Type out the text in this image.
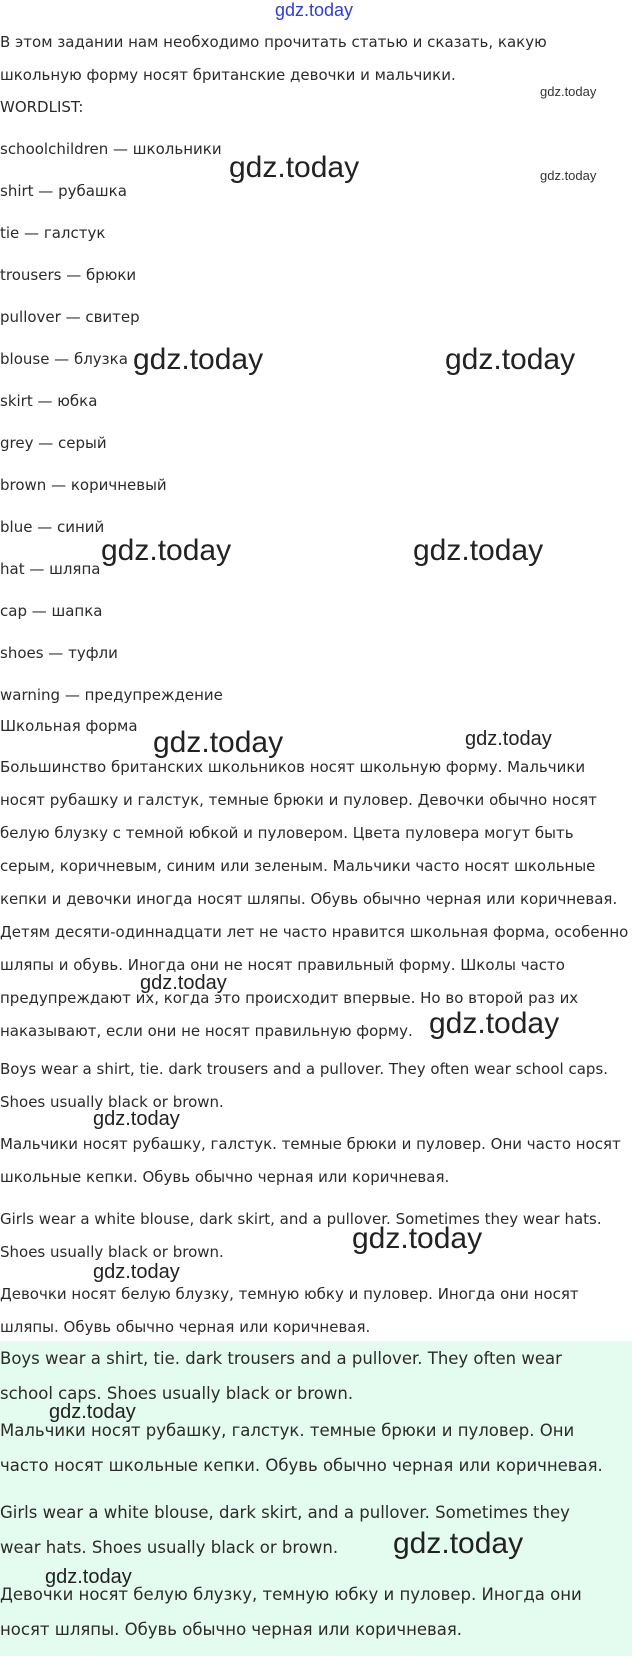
gdz.today

В этом задании нам необходимо прочитать статью и сказать, какую школьную форму носят британские девочки и мальчики.

WORDLIST:

schoolchildren — школьники

shirt — рубашка

tie — галстук

trousers — брюки

pullover — свитер

blouse — блузка

skirt — юбка

grey — серый

brown — коричневый

blue — синий

hat — шляпа

cap — шапка

shoes — туфли

warning — предупреждение

Школьная форма

Большинство британских школьников носят школьную форму. Мальчики носят рубашку и галстук, темные брюки и пуловер. Девочки обычно носят белую блузку с темной юбкой и пуловером. Цвета пуловера могут быть серым, коричневым, синим или зеленым. Мальчики часто носят школьные кепки и девочки иногда носят шляпы. Обувь обычно черная или коричневая. Детям десяти-одиннадцати лет не часто нравится школьная форма, особенно шляпы и обувь. Иногда они не носят правильный форму. Школы часто предупреждают их, когда это происходит впервые. Но во второй раз их наказывают, если они не носят правильную форму.

Boys wear a shirt, tie. dark trousers and a pullover. They often wear school caps. Shoes usually black or brown.

Мальчики носят рубашку, галстук. темные брюки и пуловер. Они часто носят школьные кепки. Обувь обычно черная или коричневая.

Girls wear a white blouse, dark skirt, and a pullover. Sometimes they wear hats. Shoes usually black or brown.

Девочки носят белую блузку, темную юбку и пуловер. Иногда они носят шляпы. Обувь обычно черная или коричневая.

Boys wear a shirt, tie. dark trousers and a pullover. They often wear school caps. Shoes usually black or brown.

Мальчики носят рубашку, галстук. темные брюки и пуловер. Они часто носят школьные кепки. Обувь обычно черная или коричневая.

Girls wear a white blouse, dark skirt, and a pullover. Sometimes they wear hats. Shoes usually black or brown.

Девочки носят белую блузку, темную юбку и пуловер. Иногда они носят шляпы. Обувь обычно черная или коричневая.

gdz.today
gdz.today	gdz.today
gdz.today	gdz.today
gdz.today	gdz.today
gdz.today	gdz.today
gdz.today
gdz.today
gdz.today
gdz.today
gdz.today
gdz.today
gdz.today
gdz.today
